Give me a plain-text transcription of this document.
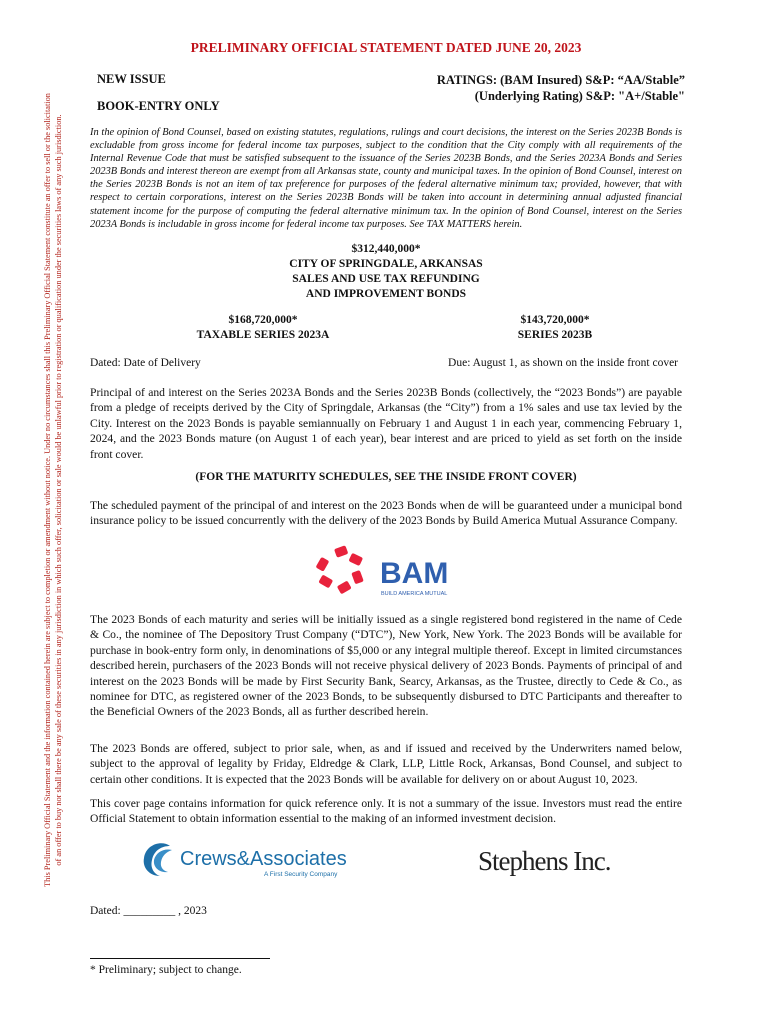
This Preliminary Official Statement and the information contained herein are subject to completion or amendment without notice. Under no circumstances shall this Preliminary Official Statement constitute an offer to sell or the solicitation of an offer to buy nor shall there be any sale of these securities in any jurisdiction in which such offer, solicitation or sale would be unlawful prior to registration or qualification under the securities laws of any such jurisdiction.
PRELIMINARY OFFICIAL STATEMENT DATED JUNE 20, 2023
NEW ISSUE
BOOK-ENTRY ONLY
RATINGS: (BAM Insured) S&P: “AA/Stable”
(Underlying Rating) S&P: "A+/Stable"
In the opinion of Bond Counsel, based on existing statutes, regulations, rulings and court decisions, the interest on the Series 2023B Bonds is excludable from gross income for federal income tax purposes, subject to the condition that the City comply with all requirements of the Internal Revenue Code that must be satisfied subsequent to the issuance of the Series 2023B Bonds, and the Series 2023A Bonds and Series 2023B Bonds and interest thereon are exempt from all Arkansas state, county and municipal taxes. In the opinion of Bond Counsel, interest on the Series 2023B Bonds is not an item of tax preference for purposes of the federal alternative minimum tax; provided, however, that with respect to certain corporations, interest on the Series 2023B Bonds will be taken into account in determining annual adjusted financial statement income for the purpose of computing the federal alternative minimum tax. In the opinion of Bond Counsel, interest on the Series 2023A Bonds is includable in gross income for federal income tax purposes. See TAX MATTERS herein.
$312,440,000*
CITY OF SPRINGDALE, ARKANSAS
SALES AND USE TAX REFUNDING
AND IMPROVEMENT BONDS
$168,720,000*
TAXABLE SERIES 2023A
$143,720,000*
SERIES 2023B
Dated: Date of Delivery	Due: August 1, as shown on the inside front cover
Principal of and interest on the Series 2023A Bonds and the Series 2023B Bonds (collectively, the “2023 Bonds”) are payable from a pledge of receipts derived by the City of Springdale, Arkansas (the “City”) from a 1% sales and use tax levied by the City. Interest on the 2023 Bonds is payable semiannually on February 1 and August 1 in each year, commencing February 1, 2024, and the 2023 Bonds mature (on August 1 of each year), bear interest and are priced to yield as set forth on the inside front cover.
(FOR THE MATURITY SCHEDULES, SEE THE INSIDE FRONT COVER)
The scheduled payment of the principal of and interest on the 2023 Bonds when de will be guaranteed under a municipal bond insurance policy to be issued concurrently with the delivery of the 2023 Bonds by Build America Mutual Assurance Company.
BAM
BUILD AMERICA MUTUAL
The 2023 Bonds of each maturity and series will be initially issued as a single registered bond registered in the name of Cede & Co., the nominee of The Depository Trust Company (“DTC”), New York, New York. The 2023 Bonds will be available for purchase in book-entry form only, in denominations of $5,000 or any integral multiple thereof. Except in limited circumstances described herein, purchasers of the 2023 Bonds will not receive physical delivery of 2023 Bonds. Payments of principal of and interest on the 2023 Bonds will be made by First Security Bank, Searcy, Arkansas, as the Trustee, directly to Cede & Co., as nominee for DTC, as registered owner of the 2023 Bonds, to be subsequently disbursed to DTC Participants and thereafter to the Beneficial Owners of the 2023 Bonds, all as further described herein.
The 2023 Bonds are offered, subject to prior sale, when, as and if issued and received by the Underwriters named below, subject to the approval of legality by Friday, Eldredge & Clark, LLP, Little Rock, Arkansas, Bond Counsel, and subject to certain other conditions. It is expected that the 2023 Bonds will be available for delivery on or about August 10, 2023.
This cover page contains information for quick reference only. It is not a summary of the issue. Investors must read the entire Official Statement to obtain information essential to the making of an informed investment decision.
Crews&Associates
A First Security Company	Stephens Inc.
Dated: _________ , 2023
* Preliminary; subject to change.
